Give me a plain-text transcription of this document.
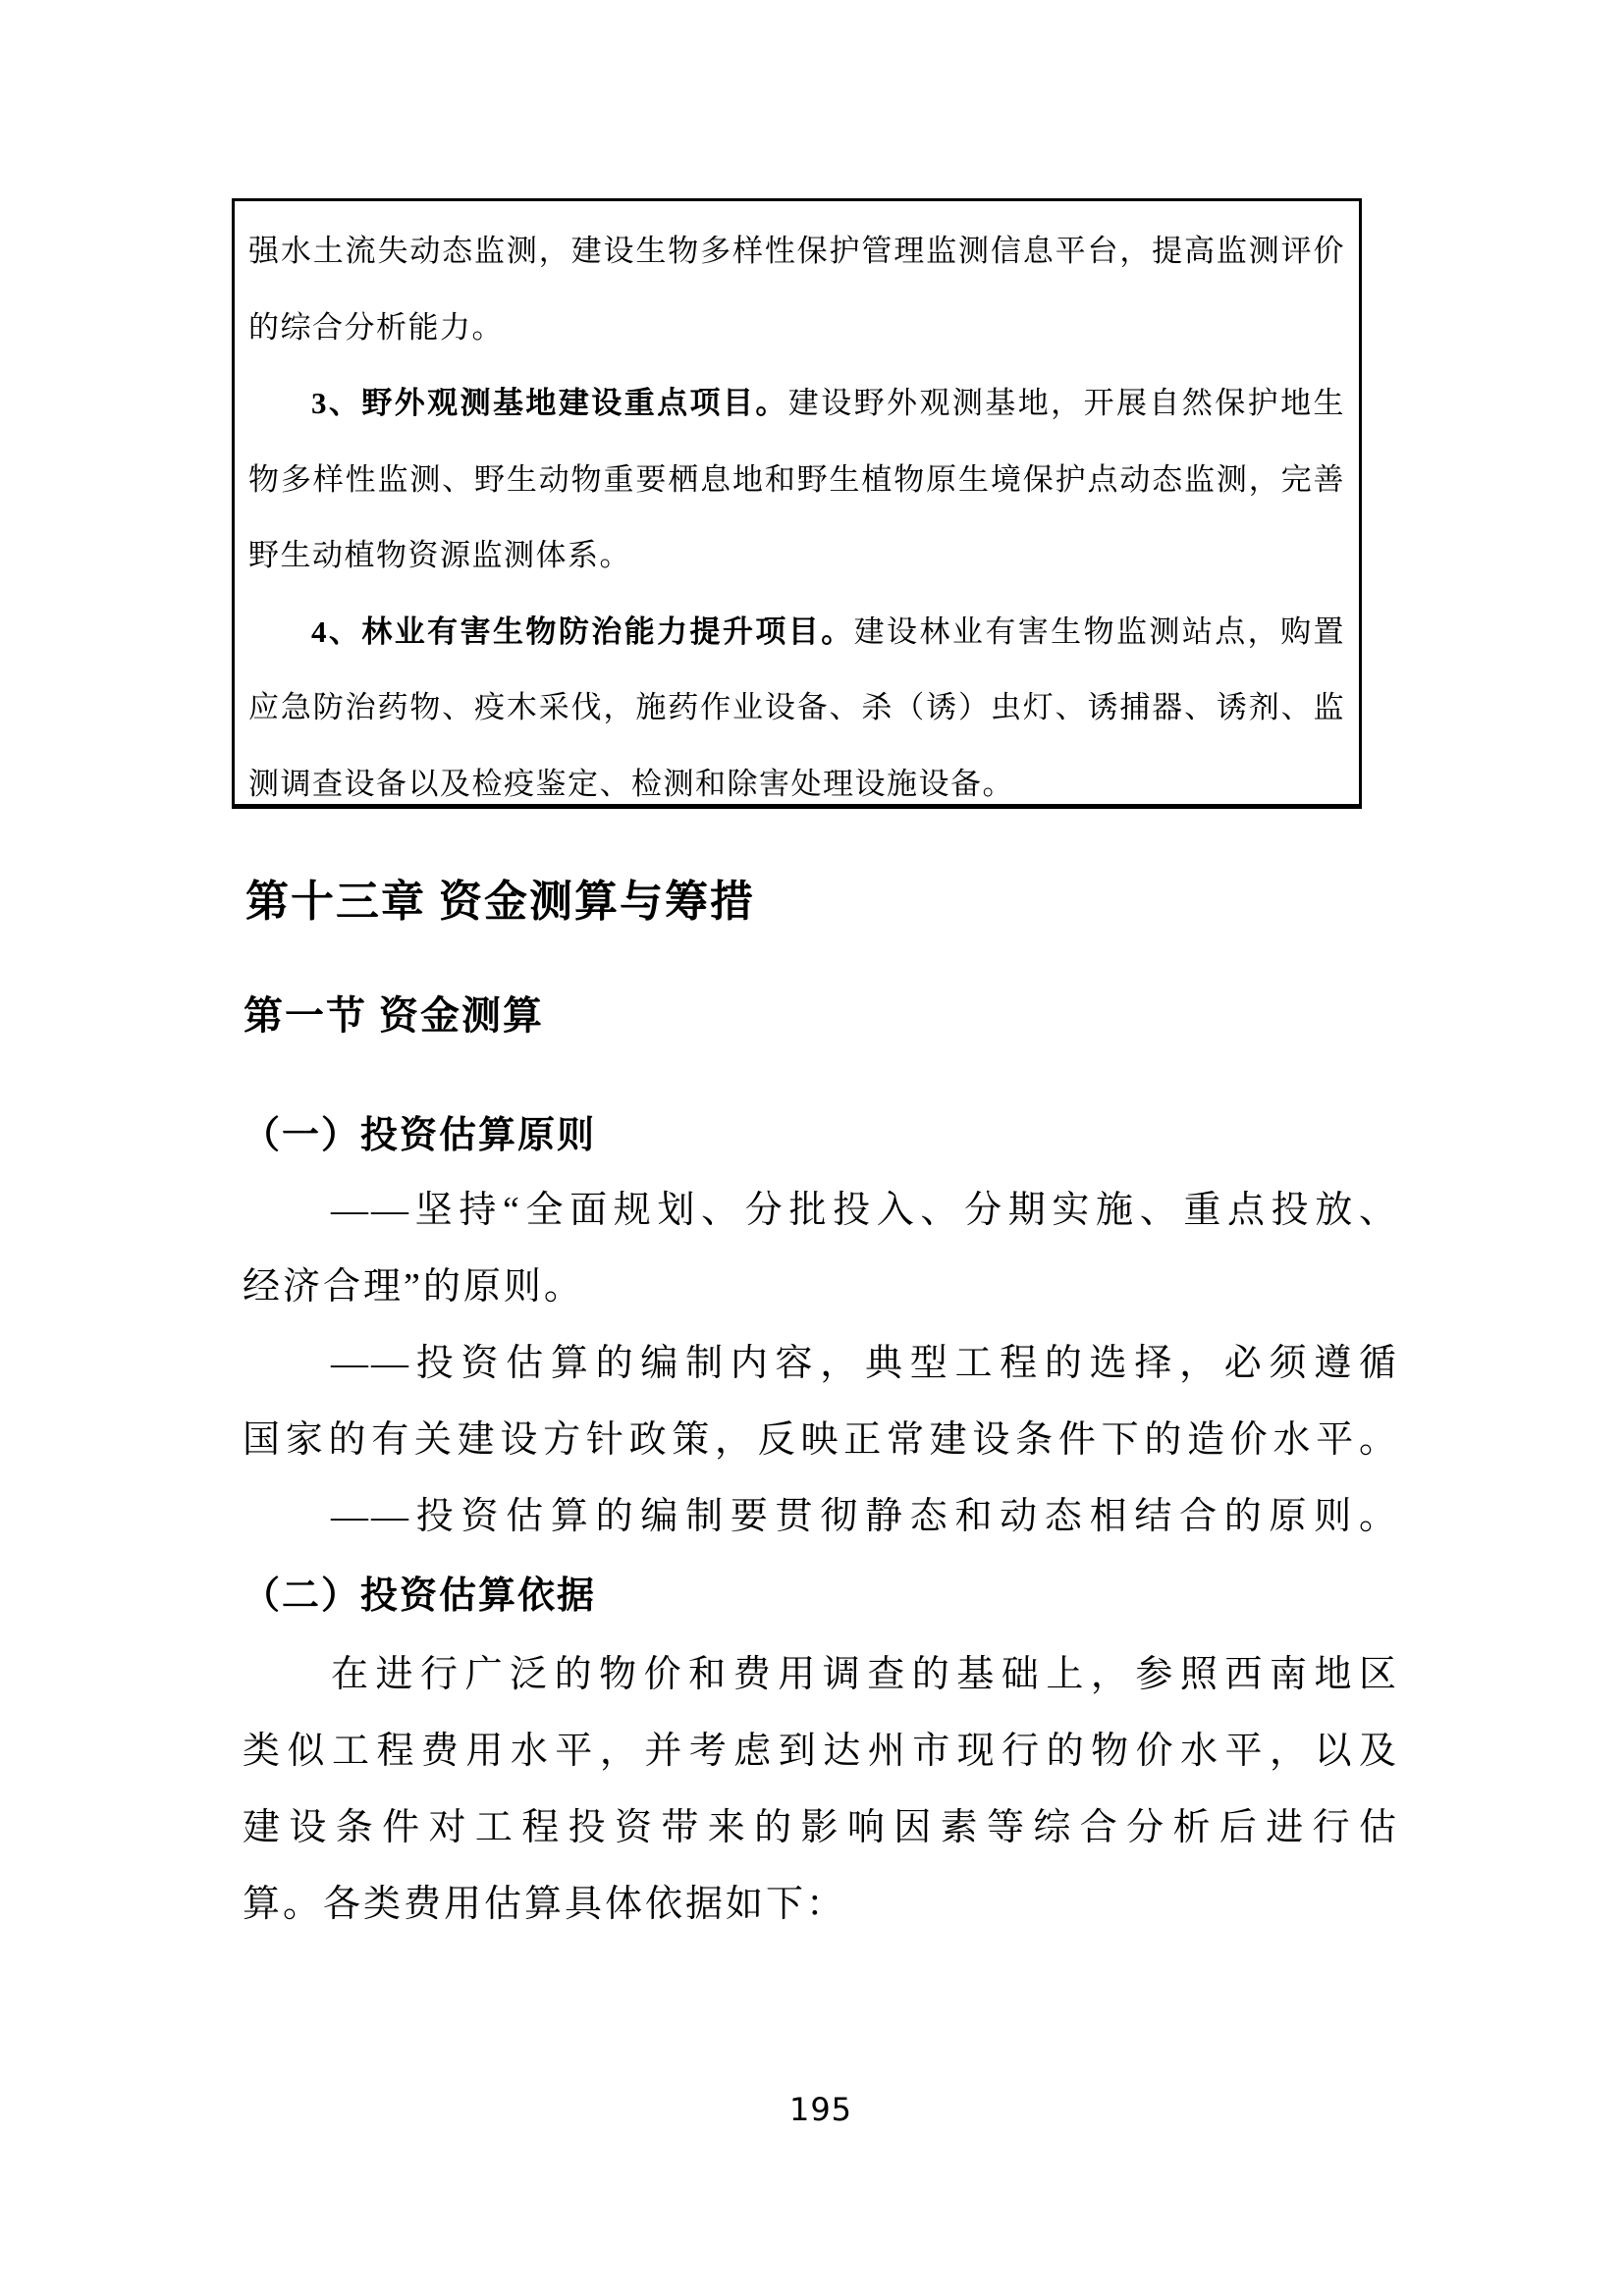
强水土流失动态监测，建设生物多样性保护管理监测信息平台，提高监测评价
的综合分析能力。
3、野外观测基地建设重点项目。建设野外观测基地，开展自然保护地生
物多样性监测、野生动物重要栖息地和野生植物原生境保护点动态监测，完善
野生动植物资源监测体系。
4、林业有害生物防治能力提升项目。建设林业有害生物监测站点，购置
应急防治药物、疫木采伐，施药作业设备、杀（诱）虫灯、诱捕器、诱剂、监
测调查设备以及检疫鉴定、检测和除害处理设施设备。
第十三章 资金测算与筹措
第一节 资金测算
（一）投资估算原则
——坚持“全面规划、分批投入、分期实施、重点投放、
经济合理”的原则。
——投资估算的编制内容，典型工程的选择，必须遵循
国家的有关建设方针政策，反映正常建设条件下的造价水平。
——投资估算的编制要贯彻静态和动态相结合的原则。
（二）投资估算依据
在进行广泛的物价和费用调查的基础上，参照西南地区
类似工程费用水平，并考虑到达州市现行的物价水平，以及
建设条件对工程投资带来的影响因素等综合分析后进行估
算。各类费用估算具体依据如下：
195
